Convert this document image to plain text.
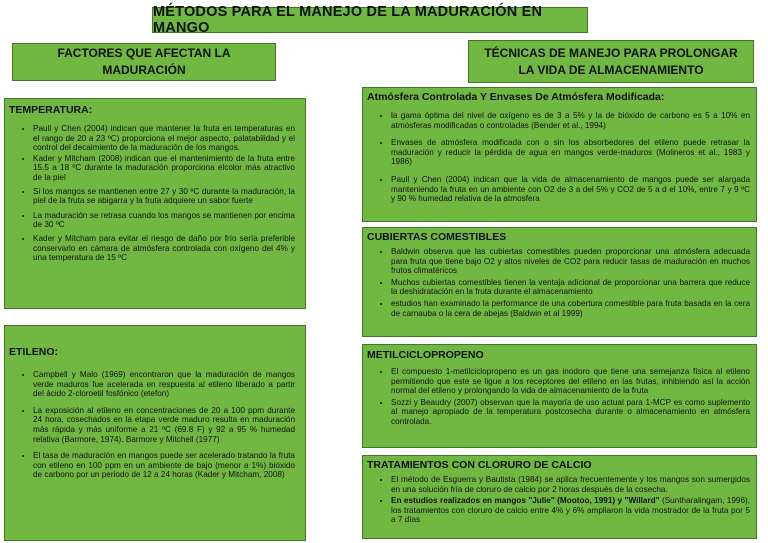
MÉTODOS PARA EL MANEJO DE LA MADURACIÓN EN MANGO
FACTORES QUE AFECTAN LA MADURACIÓN
TEMPERATURA:
• Paull y Chen (2004) indican que mantener la fruta en temperaturas en el rango de 20 a 23 ºC) proporciona el mejor aspecto, palatabilidad y el control del decaimiento de la maduración de los mangos.
• Kader y Mitcham (2008) indican que el mantenimiento de la fruta entre 15.5 a 18 ºC durante la maduración proporciona elcolor más atractivo de la piel
• Si los mangos se mantienen entre 27 y 30 ºC durante la maduración, la piel de la fruta se abigarra y la fruta adquiere un sabor fuerte
• La maduración se retrasa cuando los mangos se mantienen por encima de 30 ºC
• Kader y Mitcham para evitar el riesgo de daño por frío sería preferible conservarlo en cámara de atmósfera controlada con oxígeno del 4% y una temperatura de 15 ºC
ETILENO:
• Campbell y Malo (1969) encontraron que la maduración de mangos verde maduros fue acelerada en respuesta al etileno liberado a partir del ácido 2-cloroetil fosfónico (etefon)
• La exposición al etileno en concentraciones de 20 a 100 ppm durante 24 hora, cosechados en la etapa verde maduro resulta en maduración más rápida y más uniforme a 21 ºC (69.8 F) y 92 a 95 % humedad relativa (Barmore, 1974). Barmore y Mitchell (1977)
• El tasa de maduración en mangos puede ser acelerado tratando la fruta con etileno en 100 ppm en un ambiente de bajo (menor a 1%) bióxido de carbono por un periodo de 12 a 24 horas (Kader y Mitcham, 2008)
TÉCNICAS DE MANEJO PARA PROLONGAR LA VIDA DE ALMACENAMIENTO
Atmósfera Controlada Y Envases De Atmósfera Modificada:
• la gama óptima del nivel de oxígeno es de 3 a 5% y la de bióxido de carbono es 5 a 10% en atmósferas modificadas o controladas (Bender et al., 1994)
• Envases de atmósfera modificada con o sin los absorbedores del etileno puede retrasar la maduración y reducir la pérdida de agua en mangos verde-maduros (Molineros et al., 1983 y 1986)
• Paull y Chen (2004) indican que la vida de almacenamiento de mangos puede ser alargada manteniendo la fruta en un ambiente con O2 de 3 a del 5% y CO2 de 5 a d el 10%, entre 7 y 9 ºC y 90 % humedad relativa de la atmosfera
CUBIERTAS COMESTIBLES
• Baldwin observa que las cubiertas comestibles pueden proporcionar una atmósfera adecuada para fruta que tiene bajo O2 y altos niveles de CO2 para reducir tasas de maduración en muchos frutos climatéricos
• Muchos cubiertas comestibles tienen la ventaja adicional de proporcionar una barrera que reduce la deshidratación en la fruta durante el almacenamiento
• estudios han examinado la performance de una cobertura comestible para fruta basada en la cera de carnauba o la cera de abejas (Baldwin et al 1999)
METILCICLOPROPENO
• El compuesto 1-metilciclopropeno es un gas inodoro que tiene una semejanza física al etileno permitiendo que este se ligue a los receptores del etileno en las frutas, inhibiendo así la acción normal del etileno y prolongando la vida de almacenamiento de la fruta
• Sozzi y Beaudry (2007) observan que la mayoría de uso actual para 1-MCP es como suplemento al manejo apropiado de la temperatura postcosecha durante o almacenamiento en atmósfera controlada.
TRATAMIENTOS CON CLORURO DE CALCIO
• El método de Esguerra y Bautista (1984) se aplica frecuentemente y los mangos son sumergidos en una solución fría de cloruro de calcio por 2 horas después de la cosecha.
• En estudios realizados en mangos "Julie" (Mootoo, 1991) y "Willard" (Suntharalingam, 1996), los tratamientos con cloruro de calcio entre 4% y 6% ampliaron la vida mostrador de la fruta por 5 a 7 días
